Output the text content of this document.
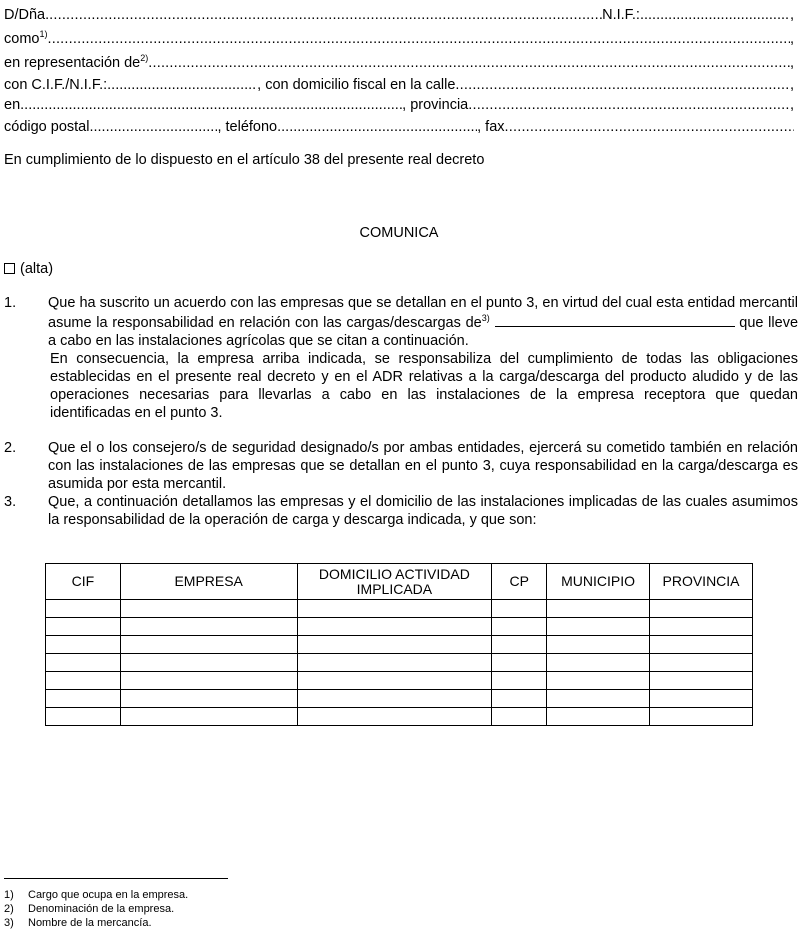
D/Dña. .....	N.I.F.: .....	,
como$^{1)}$ .....	,
en representación $de^{2)}$ .....	,
con C.I.F./N.I.F.: .....	, con domicilio fiscal en la calle .....	,
en .....	, provincia .....	,
código postal .....	, teléfono .....	, fax
.....
En cumplimiento de lo dispuesto en el artículo 38 del presente real decreto
COMUNICA
(alta)
1. Que ha suscrito un acuerdo con las empresas que se detallan en el punto 3, en virtud del cual esta entidad mercantil asume la responsabilidad en relación con las cargas/descargas $de^{3)}$	que lleve a cabo en las instalaciones agrícolas que se citan a continuación.
En consecuencia, la empresa arriba indicada, se responsabiliza del cumplimiento de todas las obligaciones establecidas en el presente real decreto y en el ADR relativas a la carga/descarga del producto aludido y de las operaciones necesarias para llevarlas a cabo en las instalaciones de la empresa receptora que quedan identificadas en el punto 3.
2. Que el o los consejero/s de seguridad designado/s por ambas entidades, ejercerá su cometido también en relación con las instalaciones de las empresas que se detallan en el punto 3, cuya responsabilidad en la carga/descarga es asumida por esta mercantil.
3. Que, a continuación detallamos las empresas y el domicilio de las instalaciones implicadas de las cuales asumimos la responsabilidad de la operación de carga y descarga indicada, y que son:
CIF	EMPRESA	DOMICILIO ACTIVIDAD IMPLICADA	CP	MUNICIPIO	PROVINCIA

1) Cargo que ocupa en la empresa.
2) Denominación de la empresa.
3) Nombre de la mercancía.
